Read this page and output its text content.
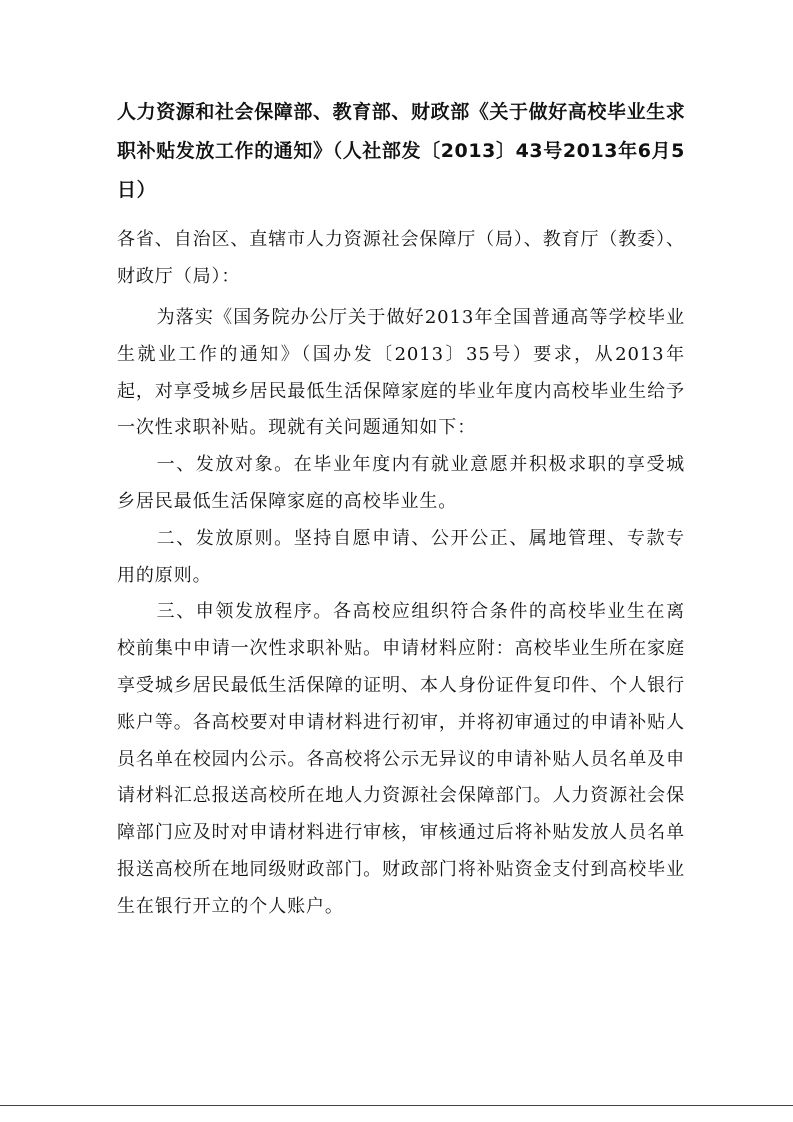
人力资源和社会保障部、教育部、财政部《关于做好高校毕业生求职补贴发放工作的通知》（人社部发〔2013〕43号2013年6月5日）

各省、自治区、直辖市人力资源社会保障厅（局）、教育厅（教委）、财政厅（局）：

为落实《国务院办公厅关于做好2013年全国普通高等学校毕业生就业工作的通知》（国办发〔2013〕35号）要求，从2013年起，对享受城乡居民最低生活保障家庭的毕业年度内高校毕业生给予一次性求职补贴。现就有关问题通知如下：

一、发放对象。在毕业年度内有就业意愿并积极求职的享受城乡居民最低生活保障家庭的高校毕业生。

二、发放原则。坚持自愿申请、公开公正、属地管理、专款专用的原则。

三、申领发放程序。各高校应组织符合条件的高校毕业生在离校前集中申请一次性求职补贴。申请材料应附：高校毕业生所在家庭享受城乡居民最低生活保障的证明、本人身份证件复印件、个人银行账户等。各高校要对申请材料进行初审，并将初审通过的申请补贴人员名单在校园内公示。各高校将公示无异议的申请补贴人员名单及申请材料汇总报送高校所在地人力资源社会保障部门。人力资源社会保障部门应及时对申请材料进行审核，审核通过后将补贴发放人员名单报送高校所在地同级财政部门。财政部门将补贴资金支付到高校毕业生在银行开立的个人账户。
